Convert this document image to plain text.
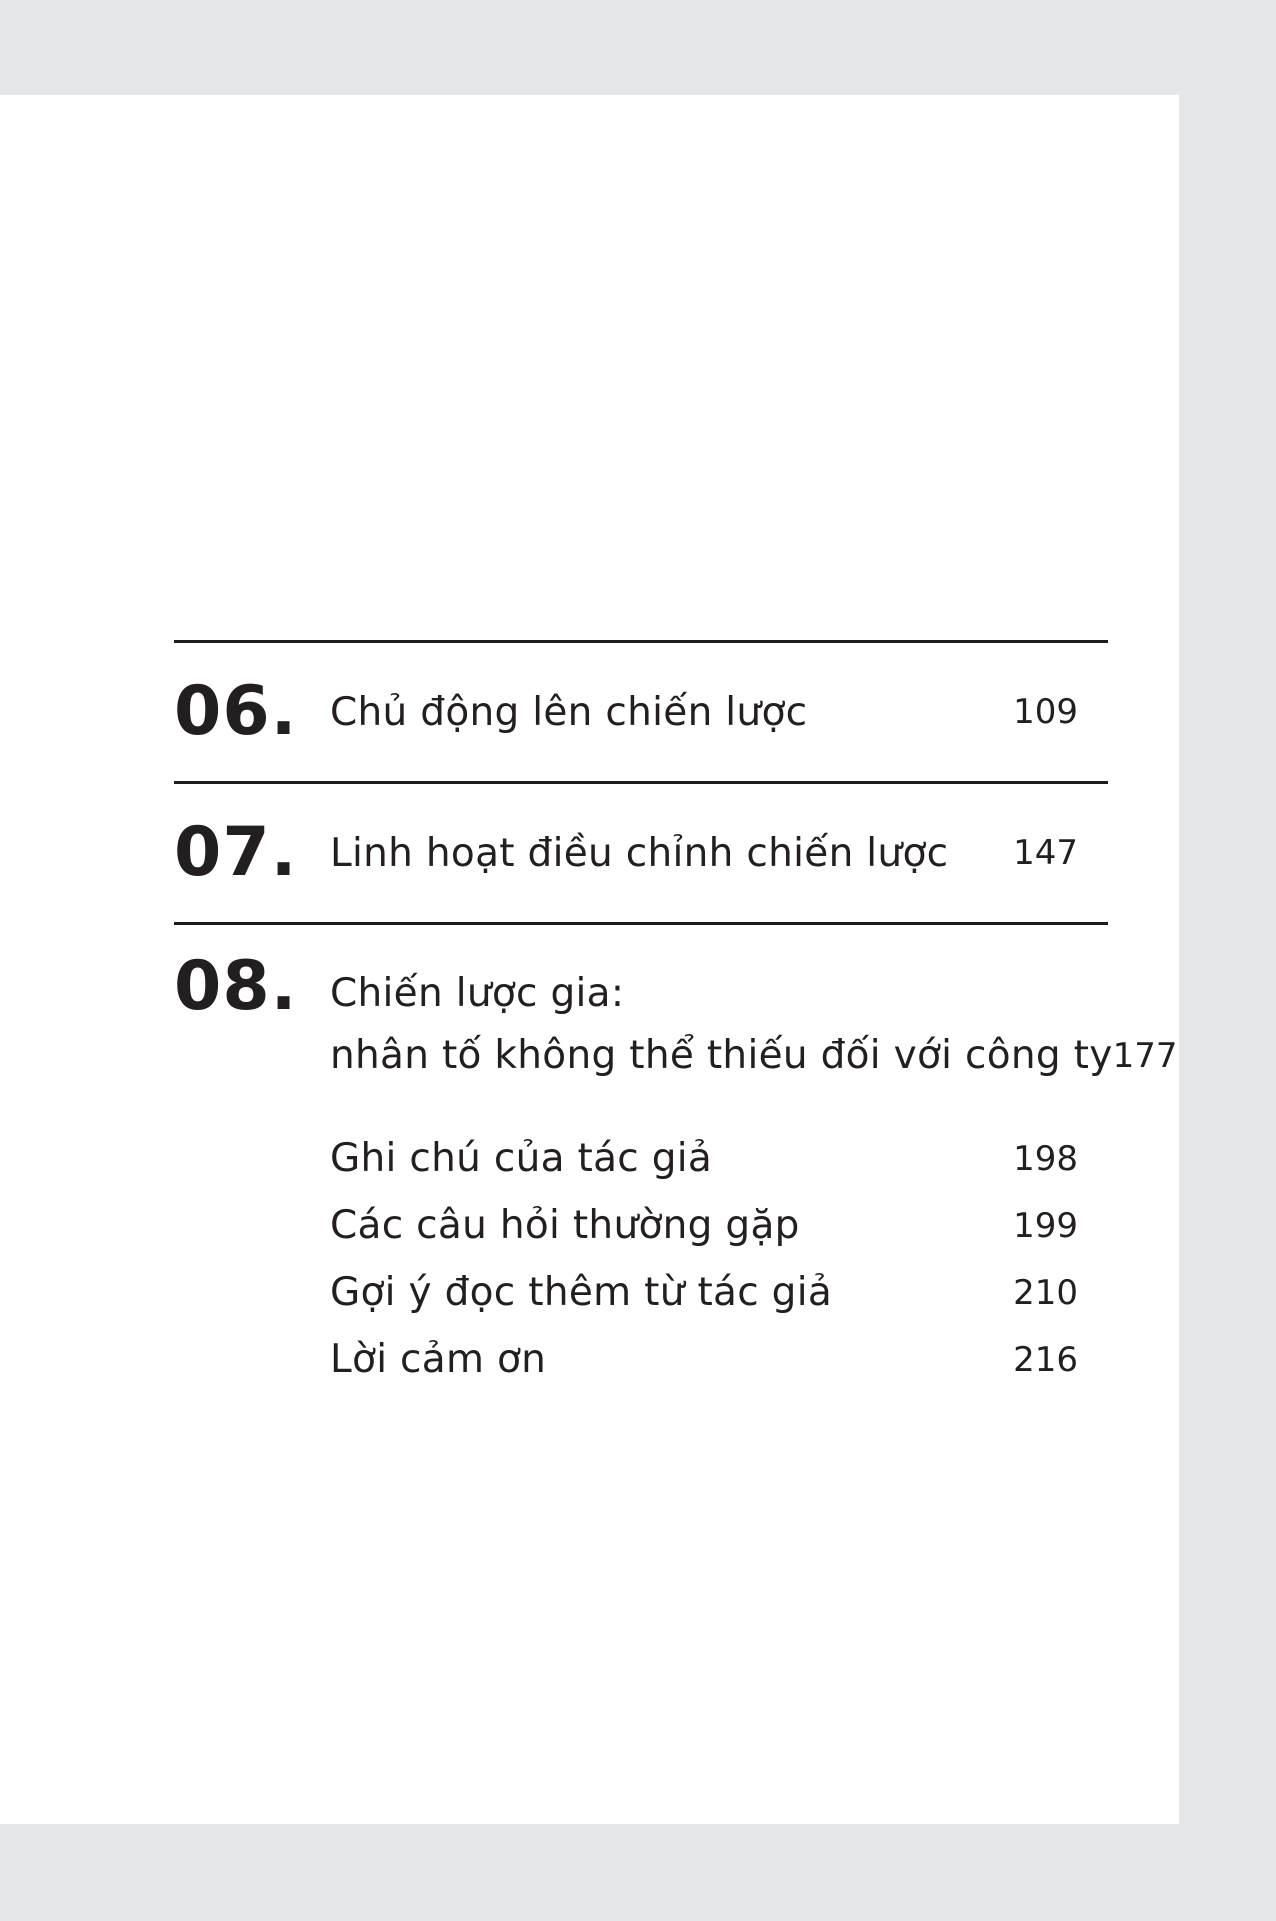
06. Chủ động lên chiến lược	109
07. Linh hoạt điều chỉnh chiến lược	147
08. Chiến lược gia:
nhân tố không thể thiếu đối với công ty 177
Ghi chú của tác giả	198
Các câu hỏi thường gặp	199
Gợi ý đọc thêm từ tác giả	210
Lời cảm ơn	216
